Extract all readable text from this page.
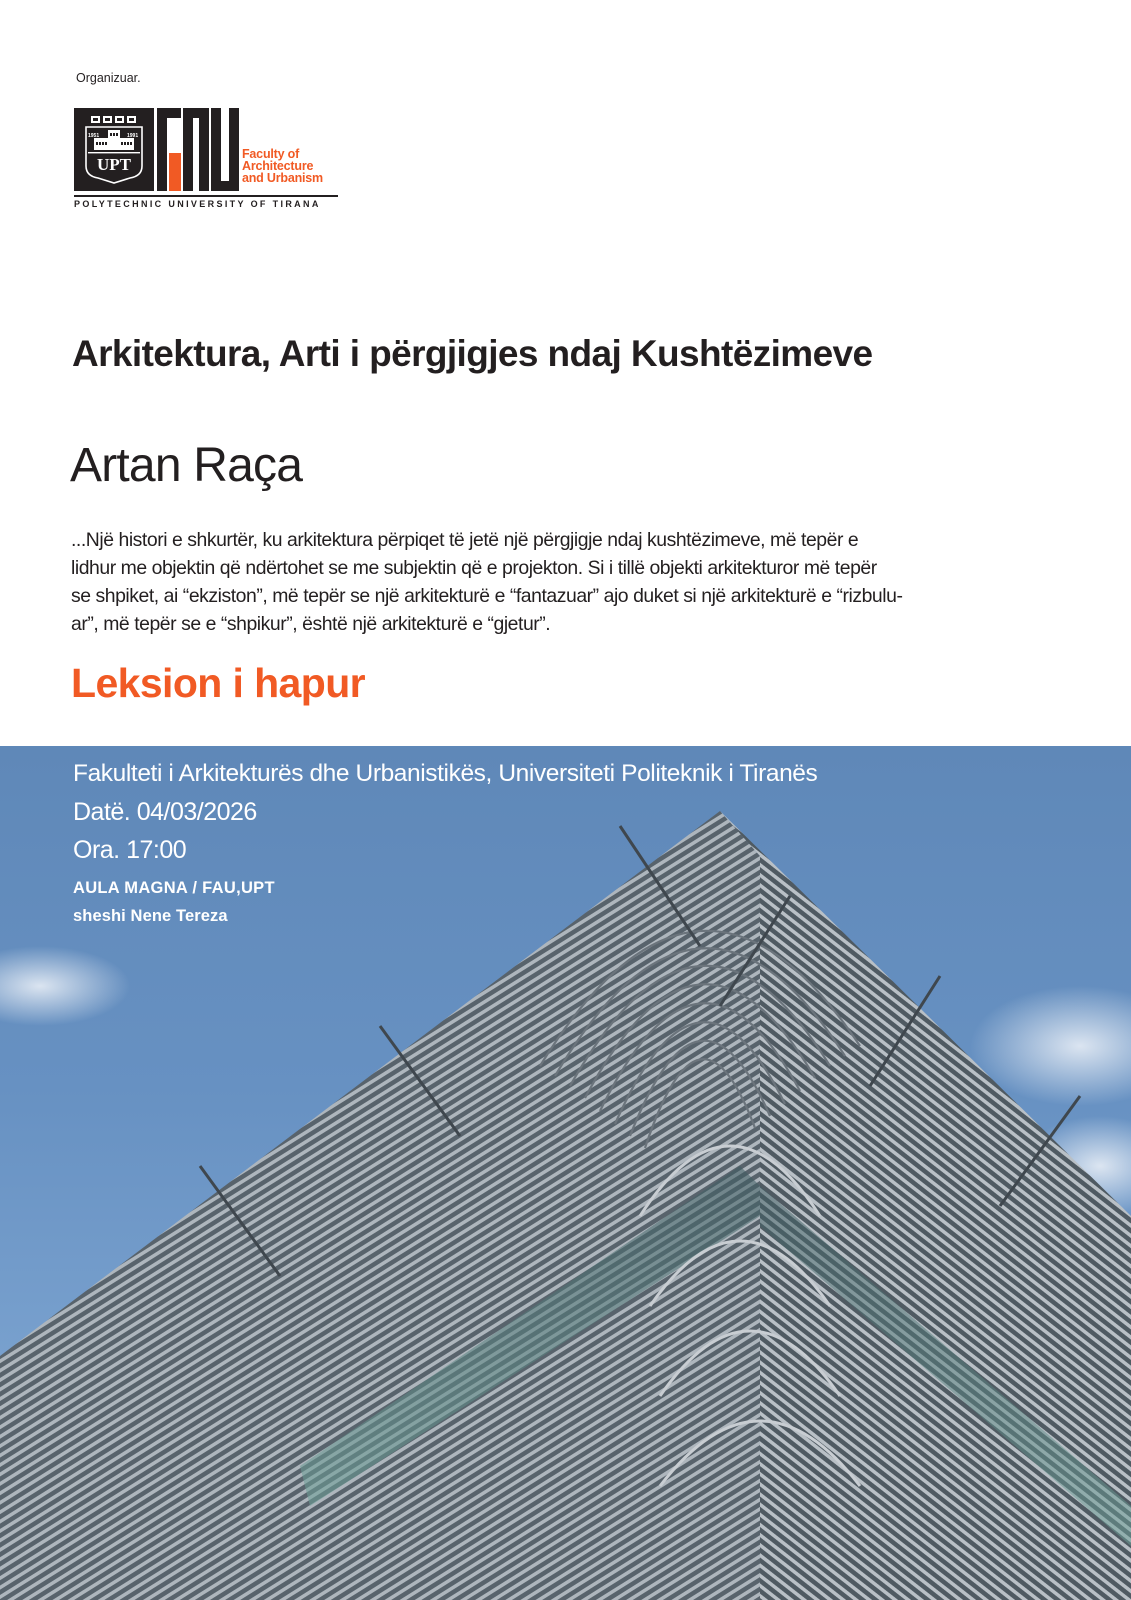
Organizuar.
1951	1991
UPT
Faculty of
Architecture
and Urbanism
POLYTECHNIC UNIVERSITY OF TIRANA
Arkitektura, Arti i përgjigjes ndaj Kushtëzimeve
Artan Raça
...Një histori e shkurtër, ku arkitektura përpiqet të jetë një përgjigje ndaj kushtëzimeve, më tepër e
lidhur me objektin që ndërtohet se me subjektin që e projekton. Si i tillë objekti arkitekturor më tepër
se shpiket, ai “ekziston”, më tepër se një arkitekturë e “fantazuar” ajo duket si një arkitekturë e “rizbulu-
ar”, më tepër se e “shpikur”, është një arkitekturë e “gjetur”.
Leksion i hapur
Fakulteti i Arkitekturës dhe Urbanistikës, Universiteti Politeknik i Tiranës
Datë. 04/03/2026
Ora. 17:00
AULA MAGNA / FAU,UPT
sheshi Nene Tereza
